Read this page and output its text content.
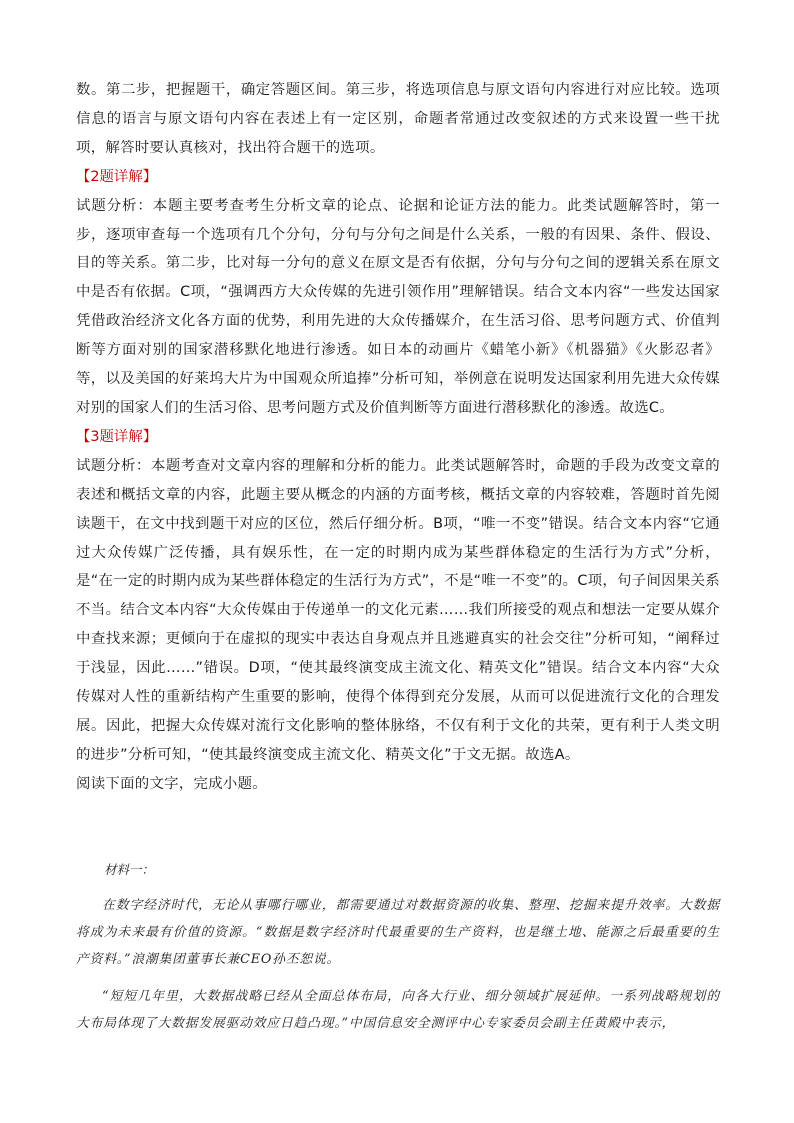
数。第二步，把握题干，确定答题区间。第三步，将选项信息与原文语句内容进行对应比较。选项信息的语言与原文语句内容在表述上有一定区别，命题者常通过改变叙述的方式来设置一些干扰项，解答时要认真核对，找出符合题干的选项。

【2题详解】

试题分析：本题主要考查考生分析文章的论点、论据和论证方法的能力。此类试题解答时，第一步，逐项审查每一个选项有几个分句，分句与分句之间是什么关系，一般的有因果、条件、假设、目的等关系。第二步，比对每一分句的意义在原文是否有依据，分句与分句之间的逻辑关系在原文中是否有依据。C项，“强调西方大众传媒的先进引领作用”理解错误。结合文本内容“一些发达国家凭借政治经济文化各方面的优势，利用先进的大众传播媒介，在生活习俗、思考问题方式、价值判断等方面对别的国家潜移默化地进行渗透。如日本的动画片《蜡笔小新》《机器猫》《火影忍者》等，以及美国的好莱坞大片为中国观众所追捧”分析可知，举例意在说明发达国家利用先进大众传媒对别的国家人们的生活习俗、思考问题方式及价值判断等方面进行潜移默化的渗透。故选C。

【3题详解】

试题分析：本题考查对文章内容的理解和分析的能力。此类试题解答时，命题的手段为改变文章的表述和概括文章的内容，此题主要从概念的内涵的方面考核，概括文章的内容较难，答题时首先阅读题干，在文中找到题干对应的区位，然后仔细分析。B项，“唯一不变”错误。结合文本内容“它通过大众传媒广泛传播，具有娱乐性，在一定的时期内成为某些群体稳定的生活行为方式”分析，是“在一定的时期内成为某些群体稳定的生活行为方式”，不是“唯一不变”的。C项，句子间因果关系不当。结合文本内容“大众传媒由于传递单一的文化元素……我们所接受的观点和想法一定要从媒介中查找来源；更倾向于在虚拟的现实中表达自身观点并且逃避真实的社会交往”分析可知，“阐释过于浅显，因此……”错误。D项，“使其最终演变成主流文化、精英文化”错误。结合文本内容“大众传媒对人性的重新结构产生重要的影响，使得个体得到充分发展，从而可以促进流行文化的合理发展。因此，把握大众传媒对流行文化影响的整体脉络，不仅有利于文化的共荣，更有利于人类文明的进步”分析可知，“使其最终演变成主流文化、精英文化”于文无据。故选A。

阅读下面的文字，完成小题。

材料一：

在数字经济时代，无论从事哪行哪业，都需要通过对数据资源的收集、整理、挖掘来提升效率。大数据将成为未来最有价值的资源。“数据是数字经济时代最重要的生产资料，也是继土地、能源之后最重要的生产资料。”浪潮集团董事长兼CEO孙丕恕说。

“短短几年里，大数据战略已经从全面总体布局，向各大行业、细分领域扩展延伸。一系列战略规划的大布局体现了大数据发展驱动效应日趋凸现。”中国信息安全测评中心专家委员会副主任黄殿中表示，
